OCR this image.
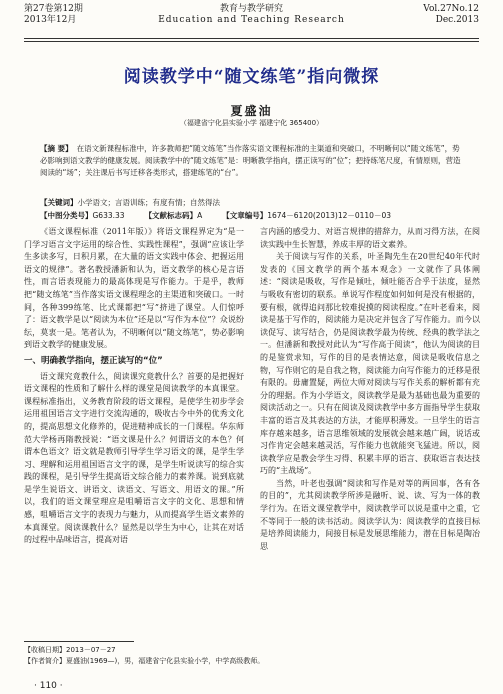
第27卷第12期
2013年12月
教育与教学研究
Education and Teaching Research
Vol.27No.12
Dec.2013
阅读教学中“随文练笔”指向微探
夏盛油
（福建省宁化县实验小学 福建宁化 365400）
【摘 要】 在语文新课程标准中，许多教师把“随文练笔”当作落实语文课程标准的主渠道和突破口，不明晰何以“随文练笔”，势必影响到语文教学的健康发展。阅读教学中的“随文练笔”是：明晰教学指向，摆正读写的“位”；把持练笔尺度，有情原则，营造阅读的“场”；关注课后书写迁移各类形式，搭建练笔的“台”。
【关键词】小学语文；言语训练；有度有情；自然得法
【中图分类号】G633.33	【文献标志码】A	【文章编号】1674－6120(2013)12－0110－03

《语文课程标准（2011年版）》将语文课程界定为“是一门学习语言文字运用的综合性、实践性课程”，强调“应该让学生多读多写，日积月累，在大量的语文实践中体会、把握运用语文的规律”。著名教授潘新和认为，语文教学的核心是言语性，而言语表现能力的最高体现是写作能力。于是乎，教师把“随文练笔”当作落实语文课程理念的主渠道和突破口。一时间，各种399练笔、比式课都把“写”挤进了课堂。人们惊呼了：语文教学是以“阅读为本位”还是以“写作为本位”？众说纷纭，莫衷一是。笔者认为，不明晰何以“随文练笔”，势必影响到语文教学的健康发展。

一、明确教学指向，摆正读写的“位”

语文课究竟教什么，阅读课究竟教什么？首要的是把握好语文课程的性质和了解什么样的课堂是阅读教学的本真课堂。课程标准指出，义务教育阶段的语文课程，是使学生初步学会运用祖国语言文字进行交流沟通的，吸收古今中外的优秀文化的，提高思想文化修养的，促进精神成长的一门课程。华东师范大学杨再隋教授说：“语文课是什么？何谓语文的本色？何谓本色语文？语文就是教师引导学生学习语文的课，是学生学习、理解和运用祖国语言文字的课，是学生听说读写的综合实践的课程，是引导学生提高语文综合能力的素养课。说到底就是学生说语文、讲语文、读语文、写语文、用语文的课。”所以，我们的语文课堂理应是咀嚼语言文字的文化、思想和情感，咀嚼语言文字的表现力与魅力，从而提高学生语文素养的本真课堂。阅读课教什么？显然是以学生为中心，让其在对话的过程中品味语言，提高对语

言内涵的感受力、对语言规律的措辞力，从而习得方法，在阅读实践中生长智慧，养成丰厚的语文素养。

关于阅读与写作的关系，叶圣陶先生在20世纪40年代时发表的《国文教学的两个基本观念》一文就作了具体阐述：“阅读是吸收，写作是倾吐，倾吐能否合乎于法度，显然与吸收有密切的联系。单说写作程度如何如何是没有根据的，要有根，就得追问那比较难捉摸的阅读程度。”在叶老看来，阅读是基于写作的，阅读能力是决定并包含了写作能力。而今以读促写、读写结合，仍是阅读教学最为传统、经典的教学法之一。但潘新和教授对此认为“写作高于阅读”，他认为阅读的目的是鉴赏求知，写作的目的是表情达意，阅读是吸收信息之物，写作则它的是自我之物，阅读能力向写作能力的迁移是很有限的。毋庸置疑，两位大师对阅读与写作关系的解析都有充分的理据。作为小学语文，阅读教学是最为基础也最为重要的阅读活动之一。只有在阅读及阅读教学中多方面指导学生获取丰富的语言及其表达的方法，才能厚积薄发。一旦学生的语言库存越来越多，语言思维领域的发展就会越来越广阔，说话或习作肯定会越来越灵活，写作能力也就能突飞猛进。所以，阅读教学应是教会学生习得、积累丰厚的语言、获取语言表达技巧的“主战场”。

当然，叶老也强调“阅读和写作是对等的两回事，各有各的目的”，尤其阅读教学所涉是融听、说、读、写为一体的教学行为。在语文课堂教学中，阅读教学可以说是重中之重，它不等同于一般的读书活动。阅读学认为：阅读教学的直接目标是培养阅读能力，间接目标是发展思维能力，潜在目标是陶冶思

【收稿日期】2013－07－27
【作者简介】夏盛油(1969—)，男，福建省宁化县实验小学，中学高级教师。
· 110 ·
